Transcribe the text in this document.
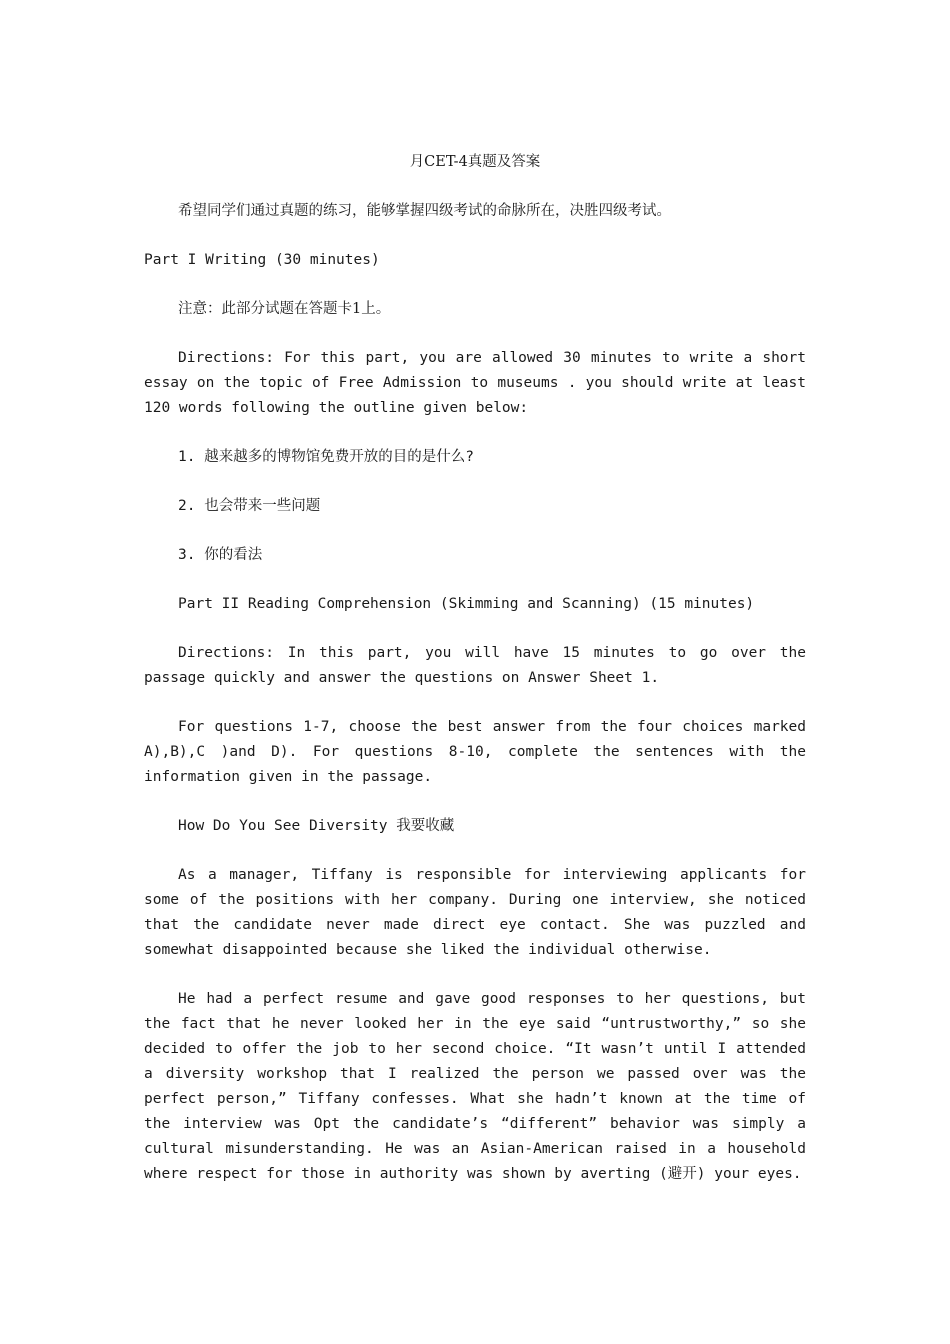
月CET-4真题及答案

希望同学们通过真题的练习，能够掌握四级考试的命脉所在，决胜四级考试。

Part I Writing (30 minutes)

注意：此部分试题在答题卡1上。

Directions: For this part, you are allowed 30 minutes to write a short essay on the topic of Free Admission to museums . you should write at least 120 words following the outline given below:

1. 越来越多的博物馆免费开放的目的是什么?

2. 也会带来一些问题

3. 你的看法

Part II Reading Comprehension (Skimming and Scanning) (15 minutes)

Directions: In this part, you will have 15 minutes to go over the passage quickly and answer the questions on Answer Sheet 1.

For questions 1-7, choose the best answer from the four choices marked A),B),C )and D). For questions 8-10, complete the sentences with the information given in the passage.

How Do You See Diversity 我要收藏

As a manager, Tiffany is responsible for interviewing applicants for some of the positions with her company. During one interview, she noticed that the candidate never made direct eye contact. She was puzzled and somewhat disappointed because she liked the individual otherwise.

He had a perfect resume and gave good responses to her questions, but the fact that he never looked her in the eye said “untrustworthy,” so she decided to offer the job to her second choice. “It wasn’t until I attended a diversity workshop that I realized the person we passed over was the perfect person,” Tiffany confesses. What she hadn’t known at the time of the interview was Opt the candidate’s “different” behavior was simply a cultural misunderstanding. He was an Asian-American raised in a household where respect for those in authority was shown by averting (避开) your eyes.
